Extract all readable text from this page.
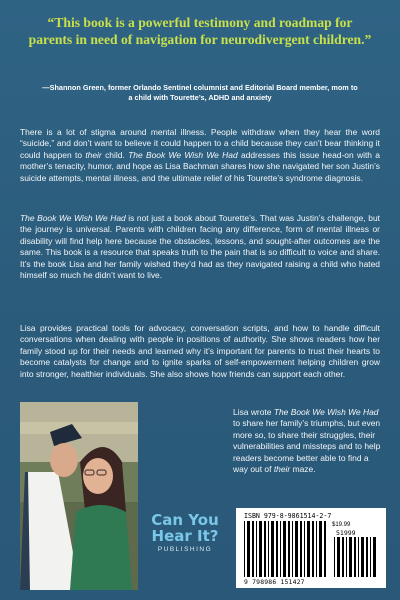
“This book is a powerful testimony and roadmap for parents in need of navigation for neurodivergent children.”
—Shannon Green, former Orlando Sentinel columnist and Editorial Board member, mom to a child with Tourette’s, ADHD and anxiety
There is a lot of stigma around mental illness. People withdraw when they hear the word “suicide,” and don’t want to believe it could happen to a child because they can’t bear thinking it could happen to their child. The Book We Wish We Had addresses this issue head-on with a mother’s tenacity, humor, and hope as Lisa Bachman shares how she navigated her son Justin’s suicide attempts, mental illness, and the ultimate relief of his Tourette’s syndrome diagnosis.
The Book We Wish We Had is not just a book about Tourette’s. That was Justin’s challenge, but the journey is universal. Parents with children facing any difference, form of mental illness or disability will find help here because the obstacles, lessons, and sought-after outcomes are the same. This book is a resource that speaks truth to the pain that is so difficult to voice and share. It’s the book Lisa and her family wished they’d had as they navigated raising a child who hated himself so much he didn’t want to live.
Lisa provides practical tools for advocacy, conversation scripts, and how to handle difficult conversations when dealing with people in positions of authority. She shows readers how her family stood up for their needs and learned why it’s important for parents to trust their hearts to become catalysts for change and to ignite sparks of self-empowerment helping children grow into stronger, healthier individuals. She also shows how friends can support each other.
Lisa wrote The Book We Wish We Had to share her family’s triumphs, but even more so, to share their struggles, their vulnerabilities and missteps and to help readers become better able to find a way out of their maze.
Can You
Hear It?
PUBLISHING
ISBN 979-8-9861514-2-7
$19.99
51999
9 798986 151427
